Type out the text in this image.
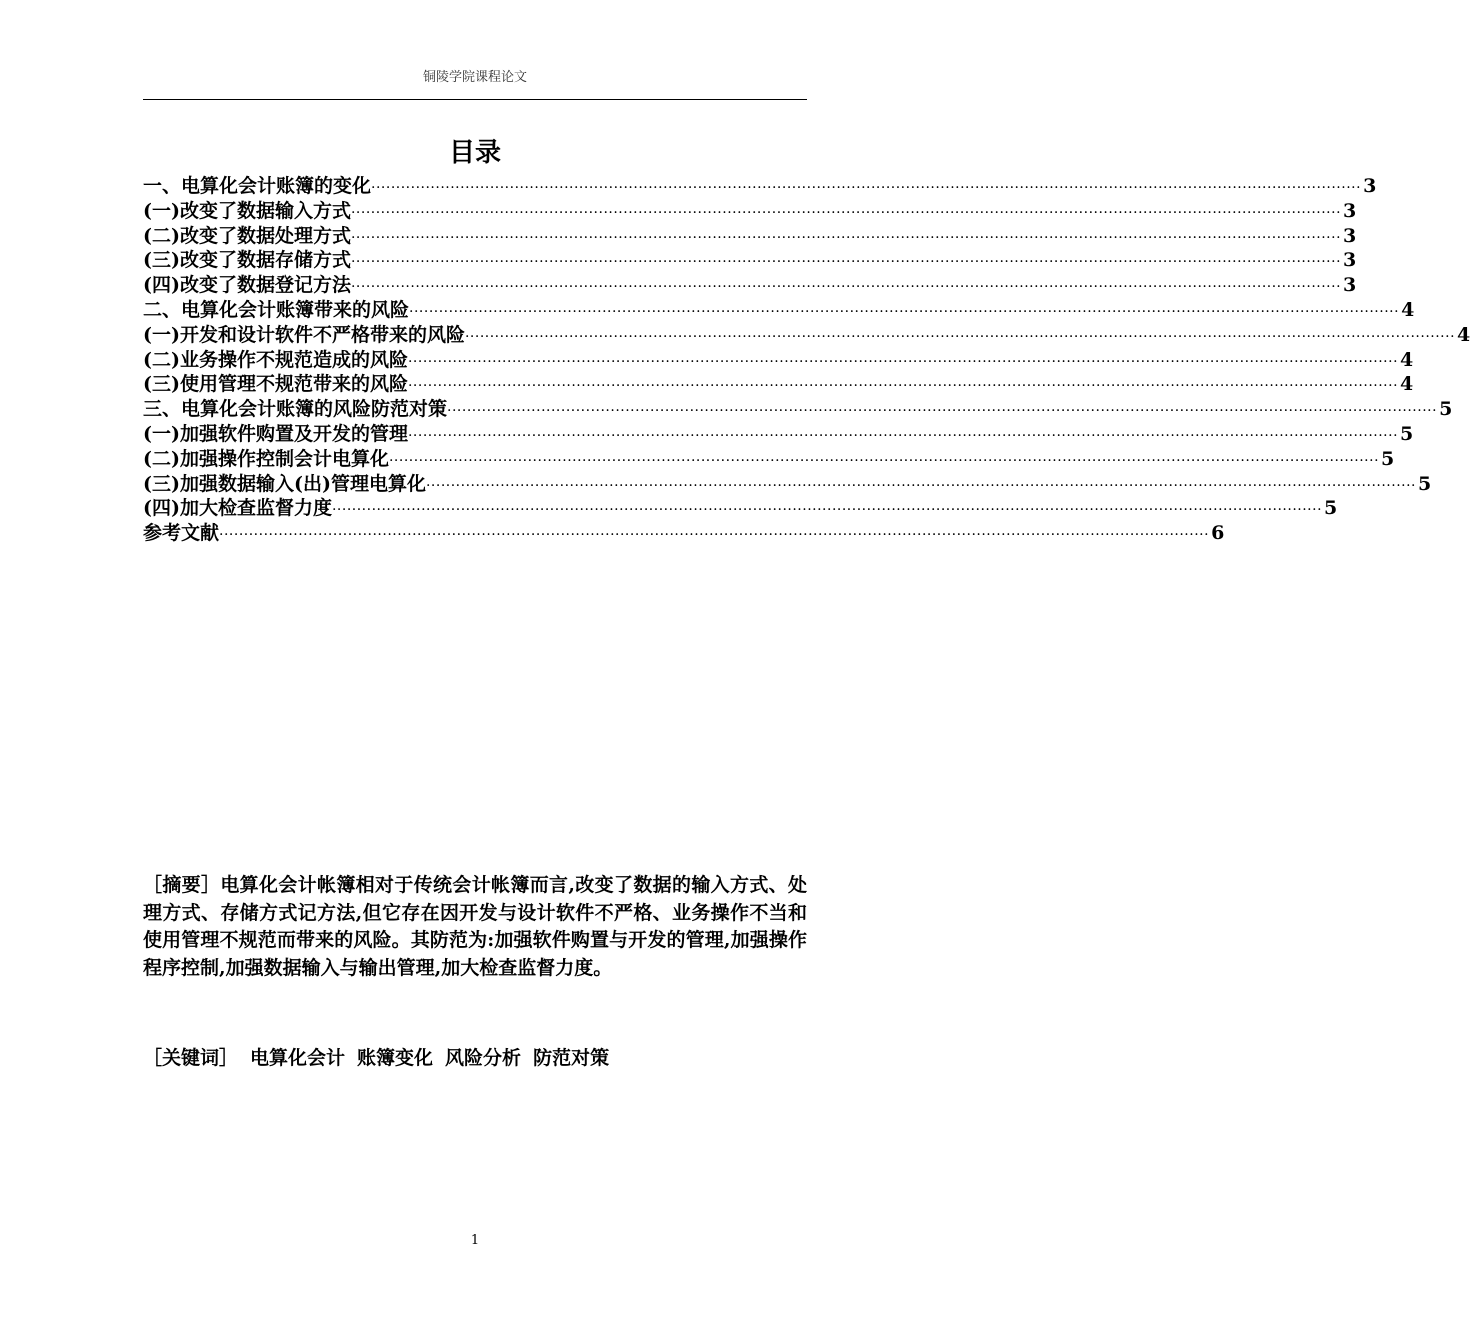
铜陵学院课程论文
目录
一、电算化会计账簿的变化 ········································································································································································································ 3
(一)改变了数据输入方式 ········································································································································································································ 3
(二)改变了数据处理方式 ········································································································································································································ 3
(三)改变了数据存储方式 ········································································································································································································ 3
(四)改变了数据登记方法 ········································································································································································································ 3
二、电算化会计账簿带来的风险 ········································································································································································································ 4
(一)开发和设计软件不严格带来的风险 ········································································································································································································ 4
(二)业务操作不规范造成的风险 ········································································································································································································ 4
(三)使用管理不规范带来的风险 ········································································································································································································ 4
三、电算化会计账簿的风险防范对策 ········································································································································································································ 5
(一)加强软件购置及开发的管理 ········································································································································································································ 5
(二)加强操作控制会计电算化 ········································································································································································································ 5
(三)加强数据输入(出)管理电算化 ········································································································································································································ 5
(四)加大检查监督力度 ········································································································································································································ 5
参考文献 ········································································································································································································ 6
［摘要］电算化会计帐簿相对于传统会计帐簿而言,改变了数据的输入方式、处理方式、存储方式记方法,但它存在因开发与设计软件不严格、业务操作不当和使用管理不规范而带来的风险。其防范为:加强软件购置与开发的管理,加强操作程序控制,加强数据输入与输出管理,加大检查监督力度。
［关键词］ 电算化会计 账簿变化 风险分析 防范对策
1
